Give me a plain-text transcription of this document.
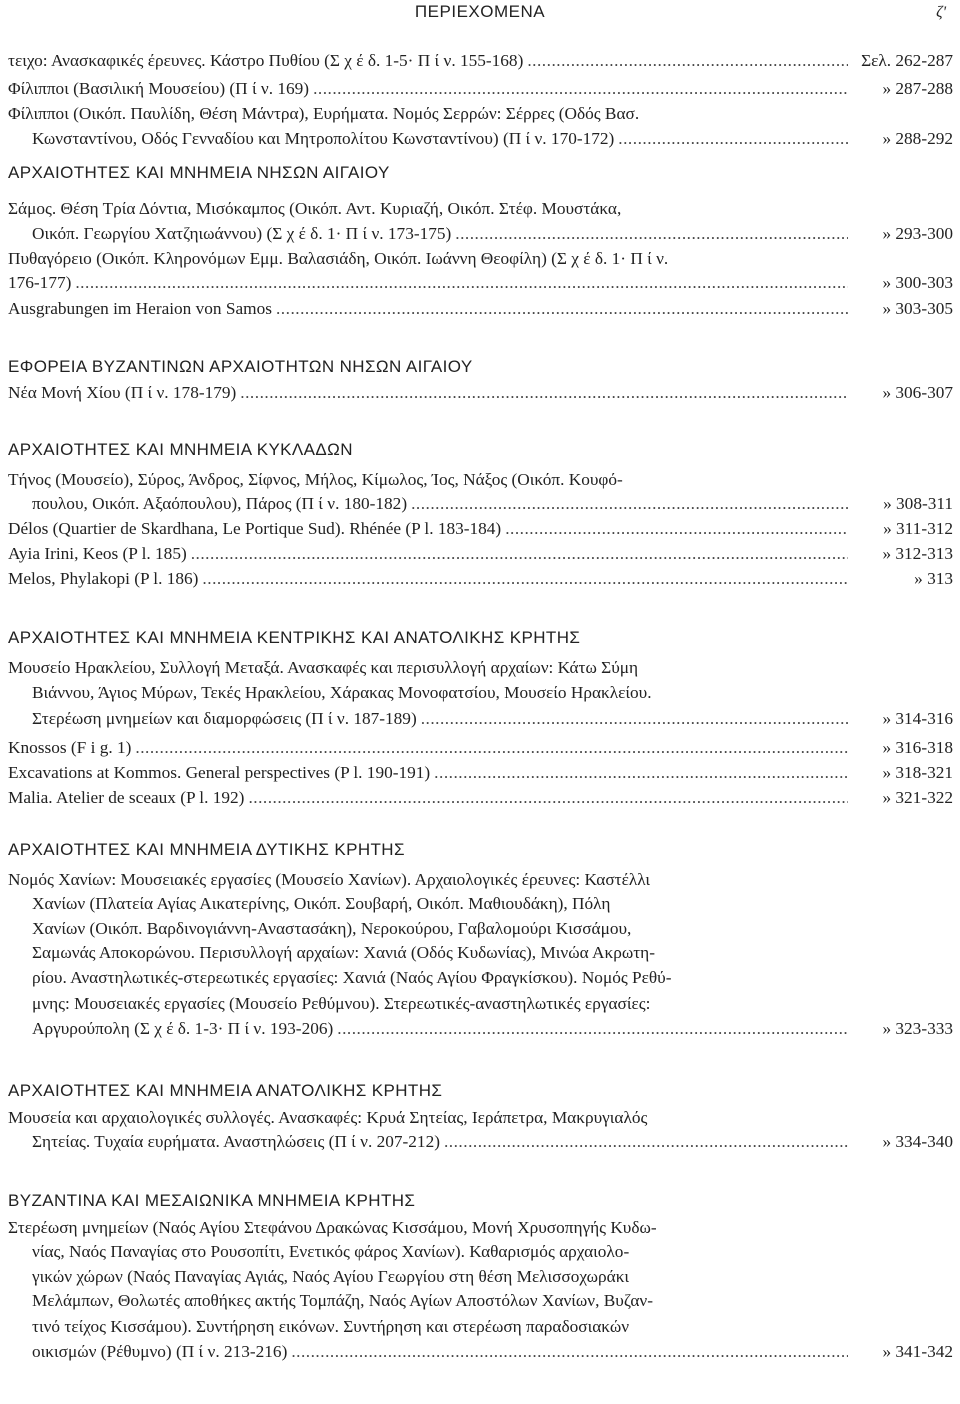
ΠΕΡΙΕΧΟΜΕΝΑ	ζ'
τειχο: Ανασκαφικές έρευνες. Κάστρο Πυθίου (Σ χ έ δ. 1-5· Π ί ν. 155-168) .....	Σελ. 262-287
Φίλιπποι (Βασιλική Μουσείου) (Π ί ν. 169) .....	» 287-288
Φίλιπποι (Οικόπ. Παυλίδη, Θέση Μάντρα), Ευρήματα. Νομός Σερρών: Σέρρες (Οδός Βασ.
Κωνσταντίνου, Οδός Γενναδίου και Μητροπολίτου Κωνσταντίνου) (Π ί ν. 170-172) .....	» 288-292
ΑΡΧΑΙΟΤΗΤΕΣ ΚΑΙ ΜΝΗΜΕΙΑ ΝΗΣΩΝ ΑΙΓΑΙΟΥ
Σάμος. Θέση Τρία Δόντια, Μισόκαμπος (Οικόπ. Αντ. Κυριαζή, Οικόπ. Στέφ. Μουστάκα,
Οικόπ. Γεωργίου Χατζηιωάννου) (Σ χ έ δ. 1· Π ί ν. 173-175) .....	» 293-300
Πυθαγόρειο (Οικόπ. Κληρονόμων Εμμ. Βαλασιάδη, Οικόπ. Ιωάννη Θεοφίλη) (Σ χ έ δ. 1· Π ί ν.
176-177) .....	» 300-303
Ausgrabungen im Heraion von Samos .....	» 303-305
ΕΦΟΡΕΙΑ ΒΥΖΑΝΤΙΝΩΝ ΑΡΧΑΙΟΤΗΤΩΝ ΝΗΣΩΝ ΑΙΓΑΙΟΥ
Νέα Μονή Χίου (Π ί ν. 178-179) .....	» 306-307
ΑΡΧΑΙΟΤΗΤΕΣ ΚΑΙ ΜΝΗΜΕΙΑ ΚΥΚΛΑΔΩΝ
Τήνος (Μουσείο), Σύρος, Άνδρος, Σίφνος, Μήλος, Κίμωλος, Ίος, Νάξος (Οικόπ. Κουφό-
πουλου, Οικόπ. Αξαόπουλου), Πάρος (Π ί ν. 180-182) .....	» 308-311
Délos (Quartier de Skardhana, Le Portique Sud). Rhénée (P l. 183-184) .....	» 311-312
Ayia Irini, Keos (P l. 185) .....	» 312-313
Melos, Phylakopi (P l. 186) .....	» 313
ΑΡΧΑΙΟΤΗΤΕΣ ΚΑΙ ΜΝΗΜΕΙΑ ΚΕΝΤΡΙΚΗΣ ΚΑΙ ΑΝΑΤΟΛΙΚΗΣ ΚΡΗΤΗΣ
Μουσείο Ηρακλείου, Συλλογή Μεταξά. Ανασκαφές και περισυλλογή αρχαίων: Κάτω Σύμη
Βιάννου, Άγιος Μύρων, Τεκές Ηρακλείου, Χάρακας Μονοφατσίου, Μουσείο Ηρακλείου.
Στερέωση μνημείων και διαμορφώσεις (Π ί ν. 187-189) .....	» 314-316
Knossos (F i g. 1) .....	» 316-318
Excavations at Kommos. General perspectives (P l. 190-191) .....	» 318-321
Malia. Atelier de sceaux (P l. 192) .....	» 321-322
ΑΡΧΑΙΟΤΗΤΕΣ ΚΑΙ ΜΝΗΜΕΙΑ ΔΥΤΙΚΗΣ ΚΡΗΤΗΣ
Νομός Χανίων: Μουσειακές εργασίες (Μουσείο Χανίων). Αρχαιολογικές έρευνες: Καστέλλι
Χανίων (Πλατεία Αγίας Αικατερίνης, Οικόπ. Σουβαρή, Οικόπ. Μαθιουδάκη), Πόλη
Χανίων (Οικόπ. Βαρδινογιάννη-Αναστασάκη), Νεροκούρου, Γαβαλομούρι Κισσάμου,
Σαμωνάς Αποκορώνου. Περισυλλογή αρχαίων: Χανιά (Οδός Κυδωνίας), Μινώα Ακρωτη-
ρίου. Αναστηλωτικές-στερεωτικές εργασίες: Χανιά (Ναός Αγίου Φραγκίσκου). Νομός Ρεθύ-
μνης: Μουσειακές εργασίες (Μουσείο Ρεθύμνου). Στερεωτικές-αναστηλωτικές εργασίες:
Αργυρούπολη (Σ χ έ δ. 1-3· Π ί ν. 193-206) .....	» 323-333
ΑΡΧΑΙΟΤΗΤΕΣ ΚΑΙ ΜΝΗΜΕΙΑ ΑΝΑΤΟΛΙΚΗΣ ΚΡΗΤΗΣ
Μουσεία και αρχαιολογικές συλλογές. Ανασκαφές: Κρυά Σητείας, Ιεράπετρα, Μακρυγιαλός
Σητείας. Τυχαία ευρήματα. Αναστηλώσεις (Π ί ν. 207-212) .....	» 334-340
ΒΥΖΑΝΤΙΝΑ ΚΑΙ ΜΕΣΑΙΩΝΙΚΑ ΜΝΗΜΕΙΑ ΚΡΗΤΗΣ
Στερέωση μνημείων (Ναός Αγίου Στεφάνου Δρακώνας Κισσάμου, Μονή Χρυσοπηγής Κυδω-
νίας, Ναός Παναγίας στο Ρουσοπίτι, Ενετικός φάρος Χανίων). Καθαρισμός αρχαιολο-
γικών χώρων (Ναός Παναγίας Αγιάς, Ναός Αγίου Γεωργίου στη θέση Μελισσοχωράκι
Μελάμπων, Θολωτές αποθήκες ακτής Τομπάζη, Ναός Αγίων Αποστόλων Χανίων, Βυζαν-
τινό τείχος Κισσάμου). Συντήρηση εικόνων. Συντήρηση και στερέωση παραδοσιακών
οικισμών (Ρέθυμνο) (Π ί ν. 213-216) .....	» 341-342
